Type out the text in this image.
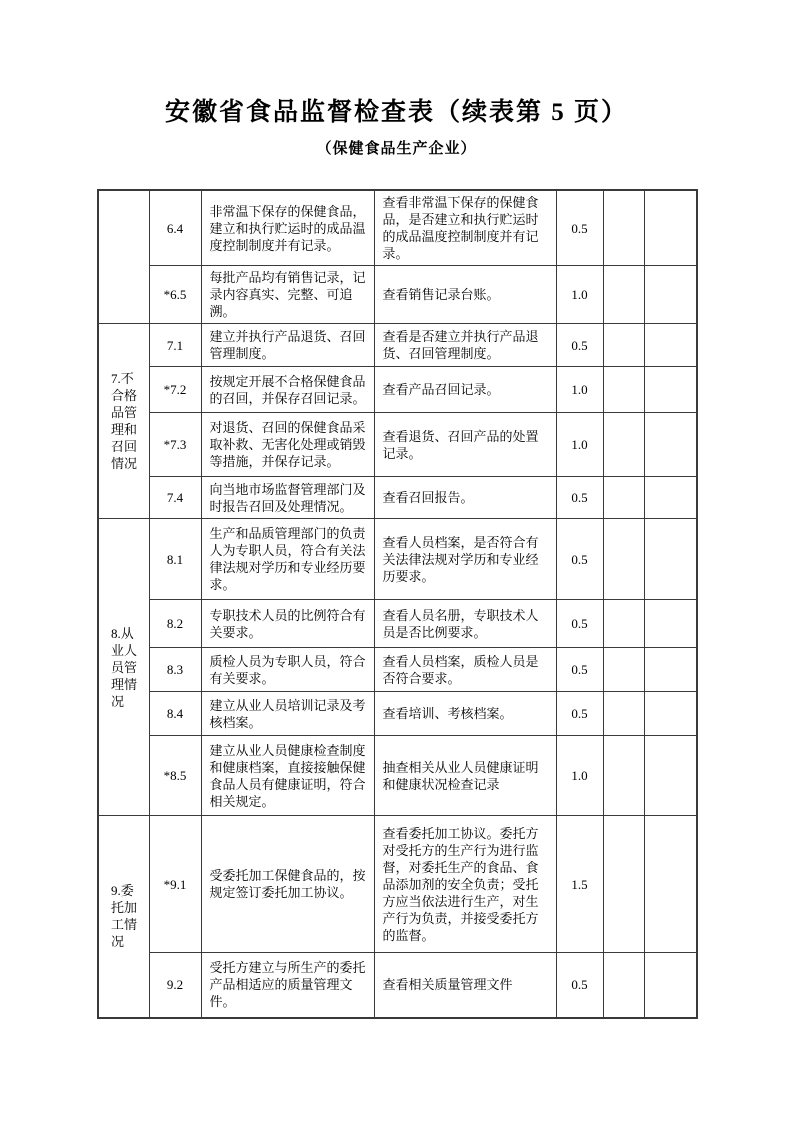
安徽省食品监督检查表（续表第 5 页）
（保健食品生产企业）
	6.4	非常温下保存的保健食品，建立和执行贮运时的成品温度控制制度并有记录。	查看非常温下保存的保健食品，是否建立和执行贮运时的成品温度控制制度并有记录。	0.5		
	*6.5	每批产品均有销售记录，记录内容真实、完整、可追溯。	查看销售记录台账。	1.0		
7.不合格品管理和召回情况	7.1	建立并执行产品退货、召回管理制度。	查看是否建立并执行产品退货、召回管理制度。	0.5		
	*7.2	按规定开展不合格保健食品的召回，并保存召回记录。	查看产品召回记录。	1.0		
	*7.3	对退货、召回的保健食品采取补救、无害化处理或销毁等措施，并保存记录。	查看退货、召回产品的处置记录。	1.0		
	7.4	向当地市场监督管理部门及时报告召回及处理情况。	查看召回报告。	0.5		
8.从业人员管理情况	8.1	生产和品质管理部门的负责人为专职人员，符合有关法律法规对学历和专业经历要求。	查看人员档案，是否符合有关法律法规对学历和专业经历要求。	0.5		
	8.2	专职技术人员的比例符合有关要求。	查看人员名册，专职技术人员是否比例要求。	0.5		
	8.3	质检人员为专职人员，符合有关要求。	查看人员档案，质检人员是否符合要求。	0.5		
	8.4	建立从业人员培训记录及考核档案。	查看培训、考核档案。	0.5		
	*8.5	建立从业人员健康检查制度和健康档案，直接接触保健食品人员有健康证明，符合相关规定。	抽查相关从业人员健康证明和健康状况检查记录	1.0		
9.委托加工情况	*9.1	受委托加工保健食品的，按规定签订委托加工协议。	查看委托加工协议。委托方对受托方的生产行为进行监督，对委托生产的食品、食品添加剂的安全负责；受托方应当依法进行生产，对生产行为负责，并接受委托方的监督。	1.5		
	9.2	受托方建立与所生产的委托产品相适应的质量管理文件。	查看相关质量管理文件	0.5		
